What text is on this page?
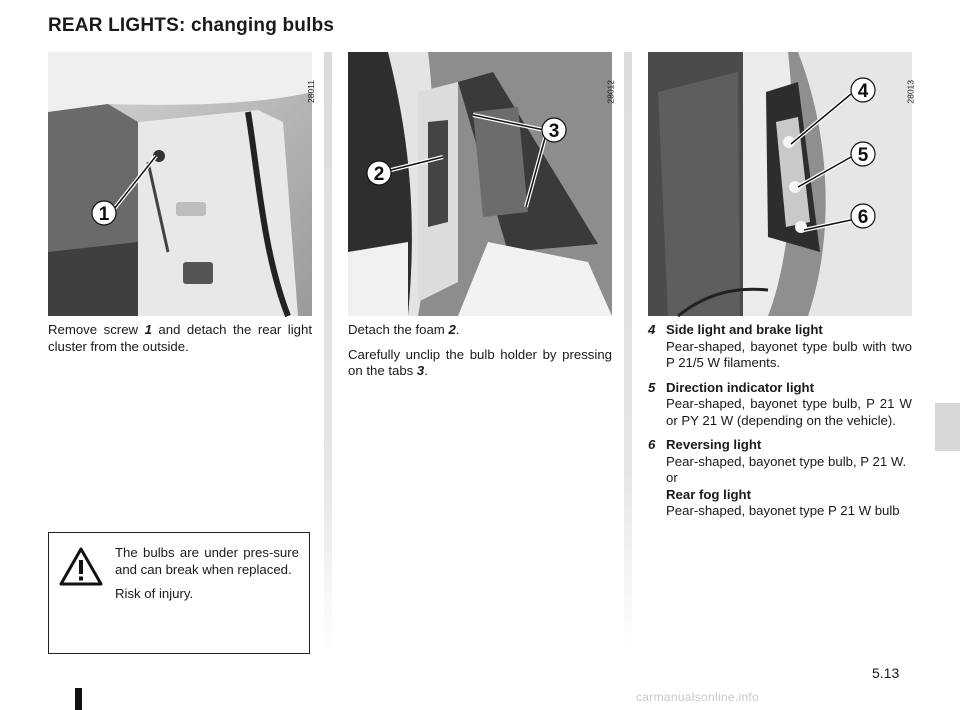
REAR LIGHTS: changing bulbs
28011
1
28012
2
3
28013
4
5
6

Remove screw 1 and detach the rear light cluster from the outside.

Detach the foam 2.

Carefully unclip the bulb holder by pressing on the tabs 3.

4 Side light and brake light
Pear-shaped, bayonet type bulb with two P 21/5 W filaments.
5 Direction indicator light
Pear-shaped, bayonet type bulb, P 21 W or PY 21 W (depending on the vehicle).
6 Reversing light
Pear-shaped, bayonet type bulb, P 21 W.
or
Rear fog light
Pear-shaped, bayonet type P 21 W bulb

The bulbs are under pres-sure and can break when replaced.

Risk of injury.

5.13
carmanualsonline.info
